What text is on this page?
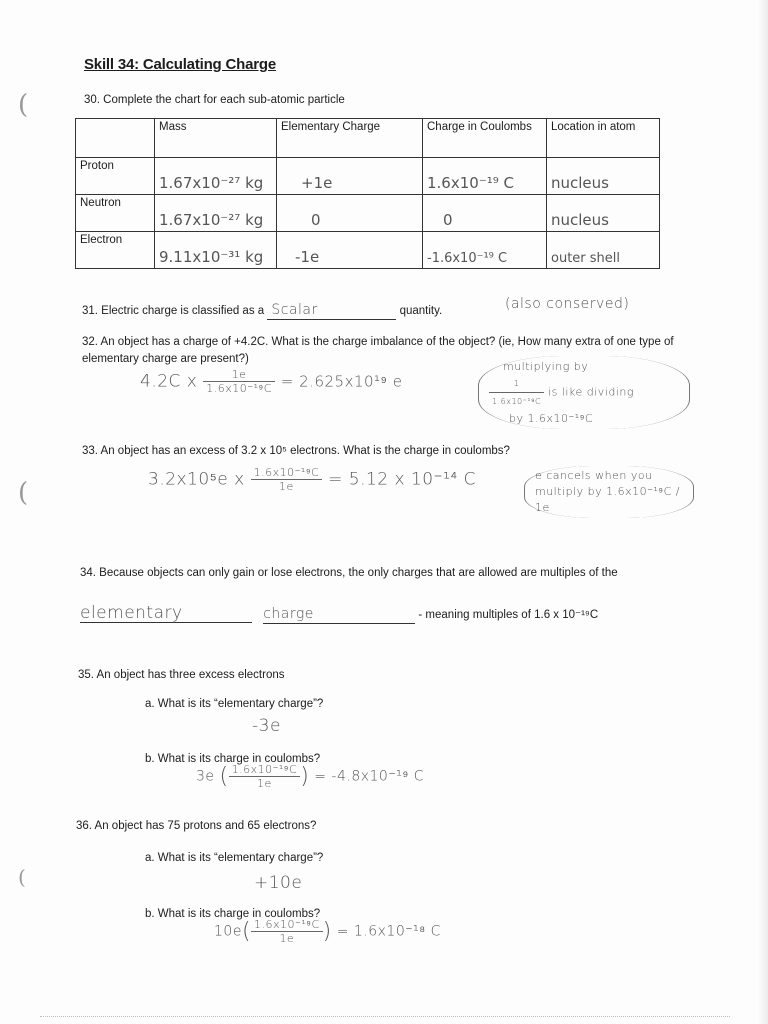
(
(
(
Skill 34: Calculating Charge
30. Complete the chart for each sub-atomic particle
	Mass	Elementary Charge	Charge in Coulombs	Location in atom
Proton	1.67x10⁻²⁷ kg	+1e	1.6x10⁻¹⁹ C	nucleus
Neutron	1.67x10⁻²⁷ kg	0	0	nucleus
Electron	9.11x10⁻³¹ kg	-1e	-1.6x10⁻¹⁹ C	outer shell
31. Electric charge is classified as a Scalar	quantity.	(also conserved)
32. An object has a charge of +4.2C. What is the charge imbalance of the object? (ie, How many extra of one type of elementary charge are present?)
4.2C x $\frac{1e}{\text{1.6x10⁻¹⁹C}} = 2.625x10^{19}$ e
multiplying by
$\frac{1}{\text{1.6x10⁻¹⁹C}}$ is like dividing
by 1.6x10⁻¹⁹C
33. An object has an excess of 3.2 x 10⁵ electrons. What is the charge in coulombs?
3.2x10⁵e x $\frac{\text{1.6x10⁻¹⁹C}}{1e} = 5.12$ x 10⁻¹⁴ C	e cancels when you multiply by 1.6x10⁻¹⁹C / 1e
34. Because objects can only gain or lose electrons, the only charges that are allowed are multiples of the
elementary	charge	- meaning multiples of 1.6 x 10⁻¹⁹C
35. An object has three excess electrons
a. What is its “elementary charge”?
-3e
b. What is its charge in coulombs?
3e ( $\frac{\text{1.6x10⁻¹⁹C}}{1e}$ ) = -4.8x10⁻¹⁹ C
36. An object has 75 protons and 65 electrons?
a. What is its “elementary charge”?
+10e
b. What is its charge in coulombs?
$10e( \frac{\text{1.6x10⁻¹⁹C}}{1e}$ ) = 1.6x10⁻¹⁸ C
